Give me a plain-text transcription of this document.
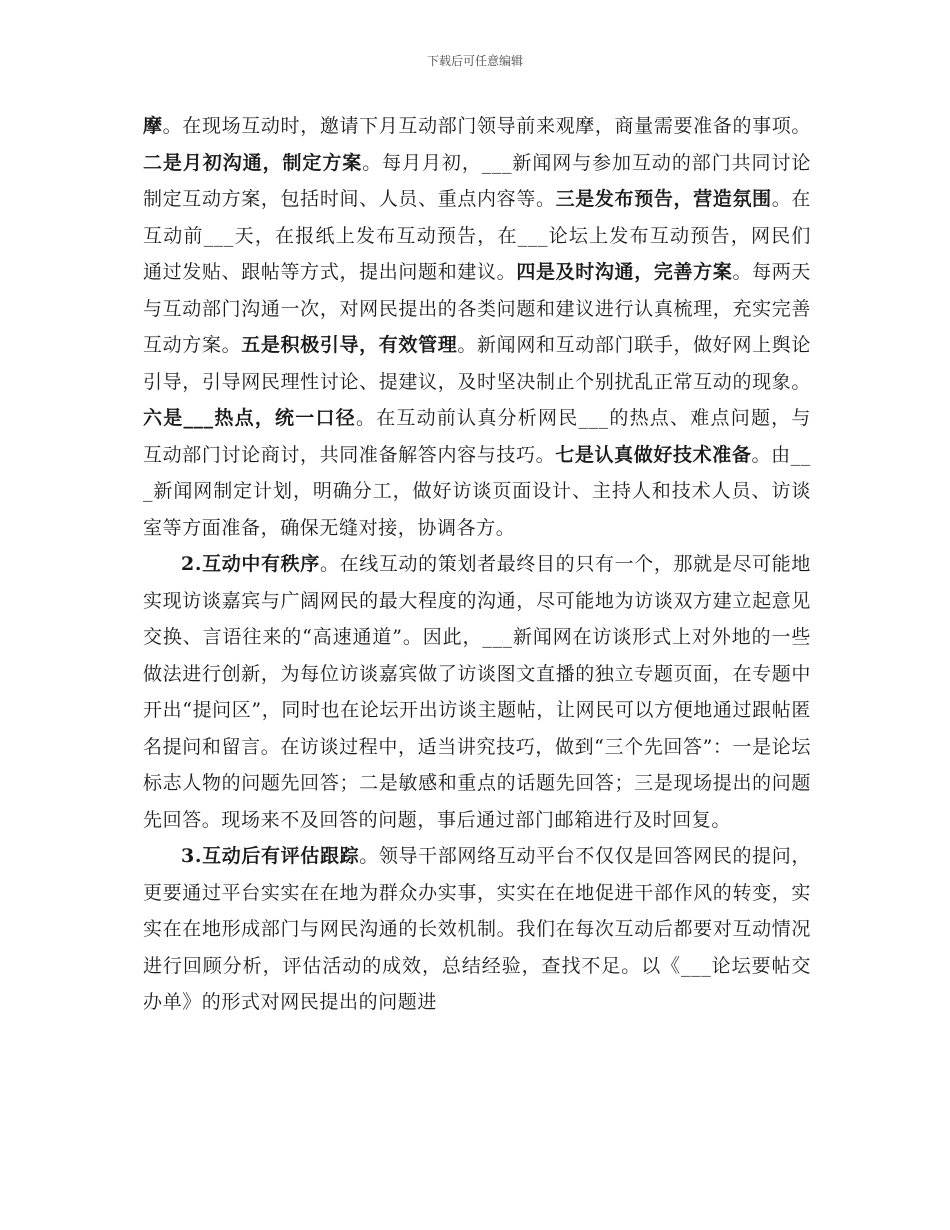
下载后可任意编辑

摩。在现场互动时，邀请下月互动部门领导前来观摩，商量需要准备的事项。二是月初沟通，制定方案。每月月初，___新闻网与参加互动的部门共同讨论制定互动方案，包括时间、人员、重点内容等。三是发布预告，营造氛围。在互动前___天，在报纸上发布互动预告，在___论坛上发布互动预告，网民们通过发贴、跟帖等方式，提出问题和建议。四是及时沟通，完善方案。每两天与互动部门沟通一次，对网民提出的各类问题和建议进行认真梳理，充实完善互动方案。五是积极引导，有效管理。新闻网和互动部门联手，做好网上舆论引导，引导网民理性讨论、提建议，及时坚决制止个别扰乱正常互动的现象。六是___热点，统一口径。在互动前认真分析网民___的热点、难点问题，与互动部门讨论商讨，共同准备解答内容与技巧。七是认真做好技术准备。由___新闻网制定计划，明确分工，做好访谈页面设计、主持人和技术人员、访谈室等方面准备，确保无缝对接，协调各方。

2.互动中有秩序。在线互动的策划者最终目的只有一个，那就是尽可能地实现访谈嘉宾与广阔网民的最大程度的沟通，尽可能地为访谈双方建立起意见交换、言语往来的“高速通道”。因此，___新闻网在访谈形式上对外地的一些做法进行创新，为每位访谈嘉宾做了访谈图文直播的独立专题页面，在专题中开出“提问区”，同时也在论坛开出访谈主题帖，让网民可以方便地通过跟帖匿名提问和留言。在访谈过程中，适当讲究技巧，做到“三个先回答”：一是论坛标志人物的问题先回答；二是敏感和重点的话题先回答；三是现场提出的问题先回答。现场来不及回答的问题，事后通过部门邮箱进行及时回复。

3.互动后有评估跟踪。领导干部网络互动平台不仅仅是回答网民的提问，更要通过平台实实在在地为群众办实事，实实在在地促进干部作风的转变，实实在在地形成部门与网民沟通的长效机制。我们在每次互动后都要对互动情况进行回顾分析，评估活动的成效，总结经验，查找不足。以《___论坛要帖交办单》的形式对网民提出的问题进
